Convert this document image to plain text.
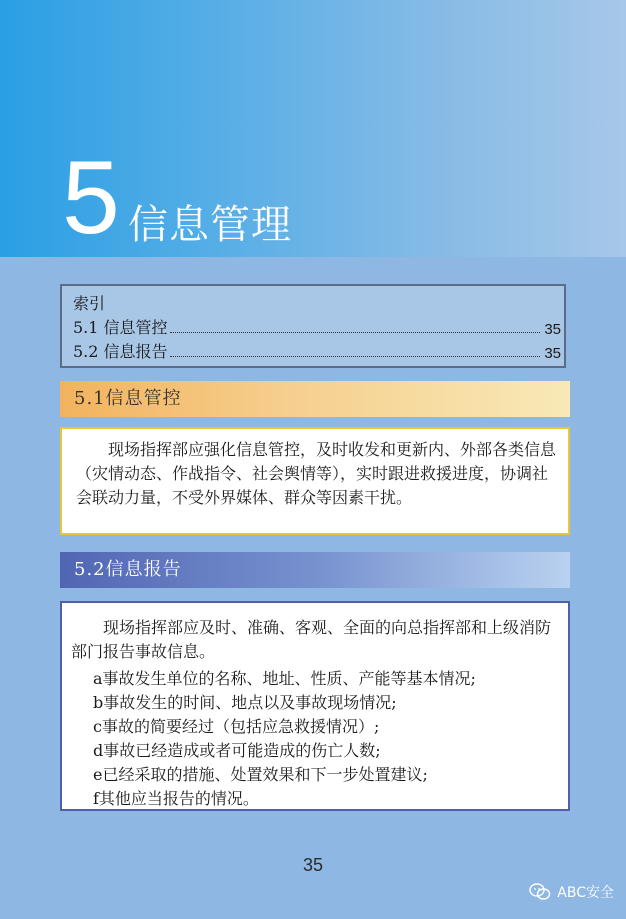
5 信息管理
索引
5.1 信息管控	35
5.2 信息报告	35
5.1信息管控
现场指挥部应强化信息管控，及时收发和更新内、外部各类信息（灾情动态、作战指令、社会舆情等），实时跟进救援进度，协调社会联动力量，不受外界媒体、群众等因素干扰。
5.2信息报告
现场指挥部应及时、准确、客观、全面的向总指挥部和上级消防部门报告事故信息。
a事故发生单位的名称、地址、性质、产能等基本情况;
b事故发生的时间、地点以及事故现场情况;
c事故的简要经过（包括应急救援情况）;
d事故已经造成或者可能造成的伤亡人数;
e已经采取的措施、处置效果和下一步处置建议;
f其他应当报告的情况。
35
ABC安全
